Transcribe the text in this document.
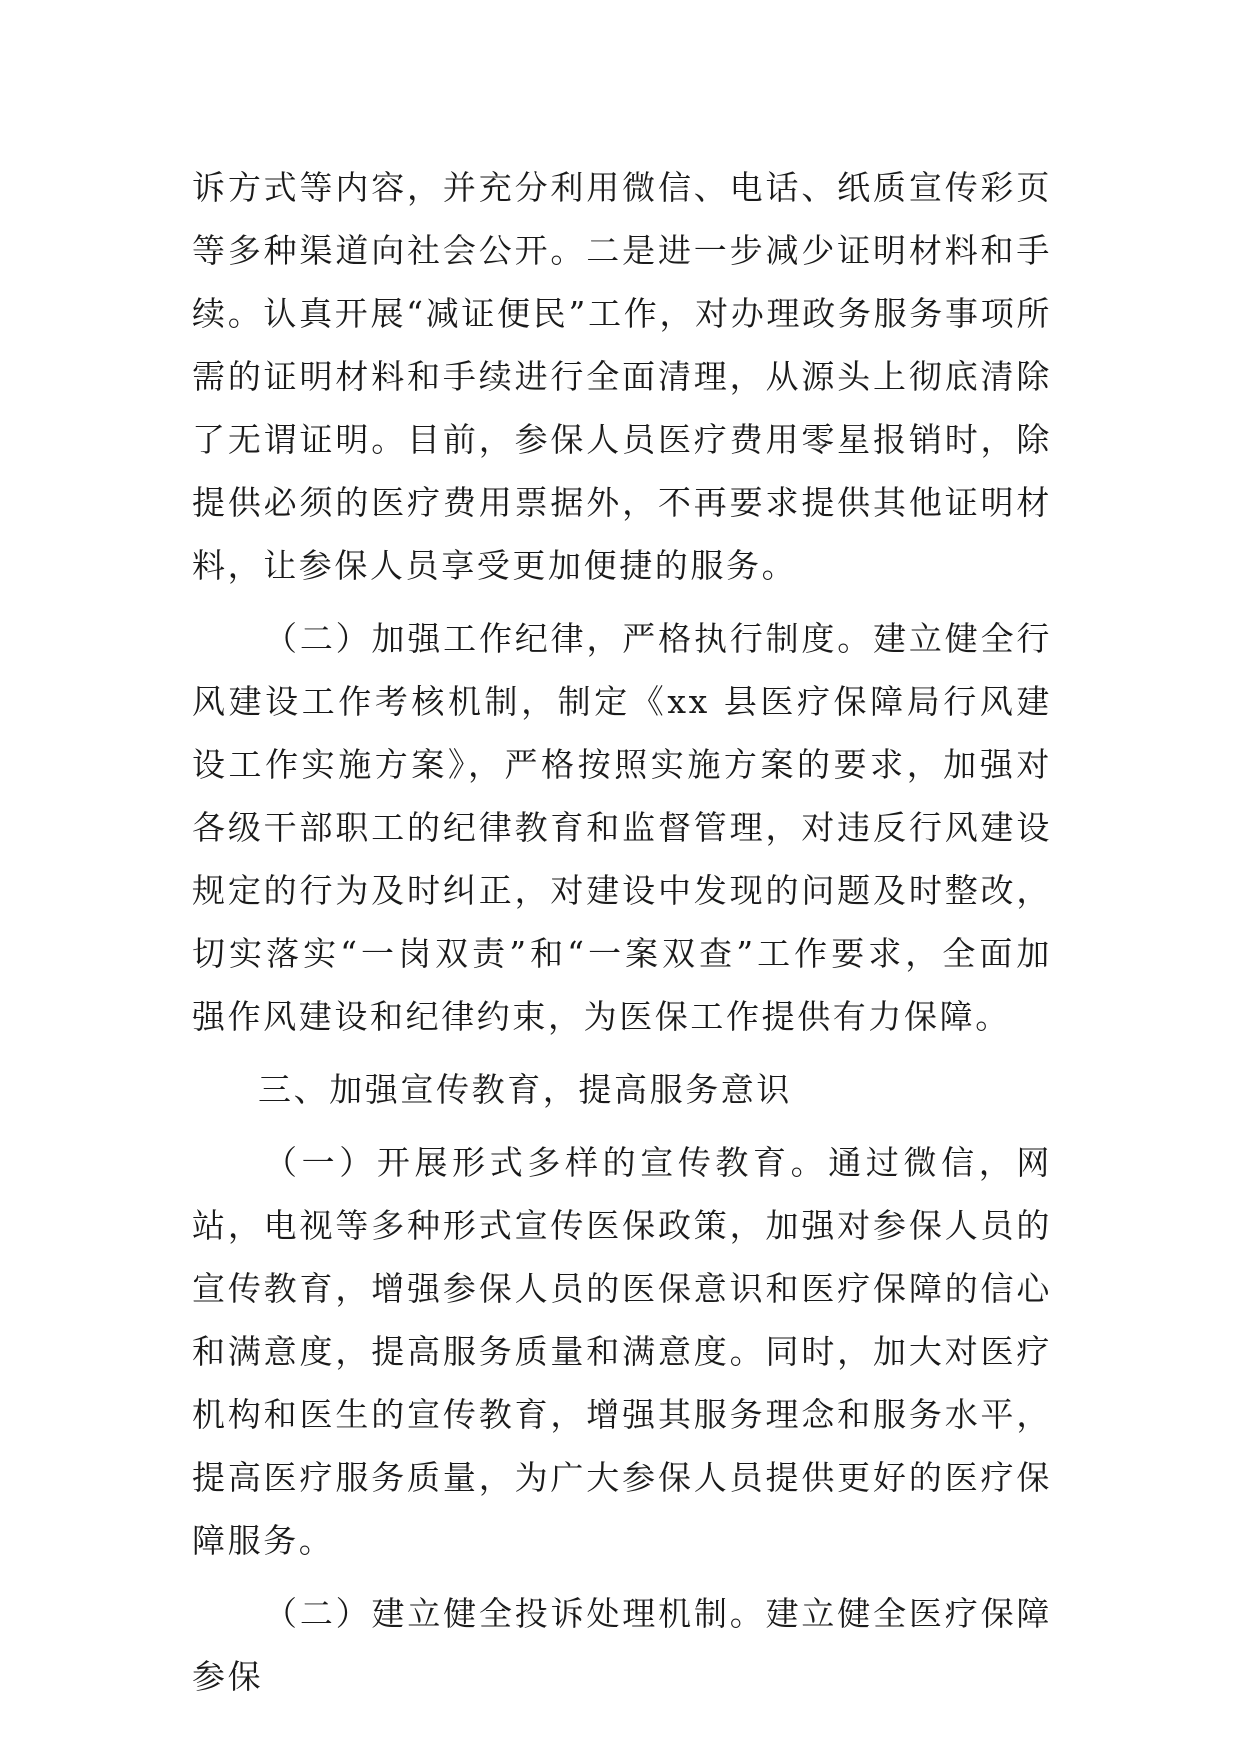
诉方式等内容，并充分利用微信、电话、纸质宣传彩页等多种渠道向社会公开。二是进一步减少证明材料和手续。认真开展“减证便民”工作，对办理政务服务事项所需的证明材料和手续进行全面清理，从源头上彻底清除了无谓证明。目前，参保人员医疗费用零星报销时，除提供必须的医疗费用票据外，不再要求提供其他证明材料，让参保人员享受更加便捷的服务。

（二）加强工作纪律，严格执行制度。建立健全行风建设工作考核机制，制定《xx 县医疗保障局行风建设工作实施方案》，严格按照实施方案的要求，加强对各级干部职工的纪律教育和监督管理，对违反行风建设规定的行为及时纠正，对建设中发现的问题及时整改，切实落实“一岗双责”和“一案双查”工作要求，全面加强作风建设和纪律约束，为医保工作提供有力保障。

三、加强宣传教育，提高服务意识

（一）开展形式多样的宣传教育。通过微信，网站，电视等多种形式宣传医保政策，加强对参保人员的宣传教育，增强参保人员的医保意识和医疗保障的信心和满意度，提高服务质量和满意度。同时，加大对医疗机构和医生的宣传教育，增强其服务理念和服务水平，提高医疗服务质量，为广大参保人员提供更好的医疗保障服务。

（二）建立健全投诉处理机制。建立健全医疗保障参保
